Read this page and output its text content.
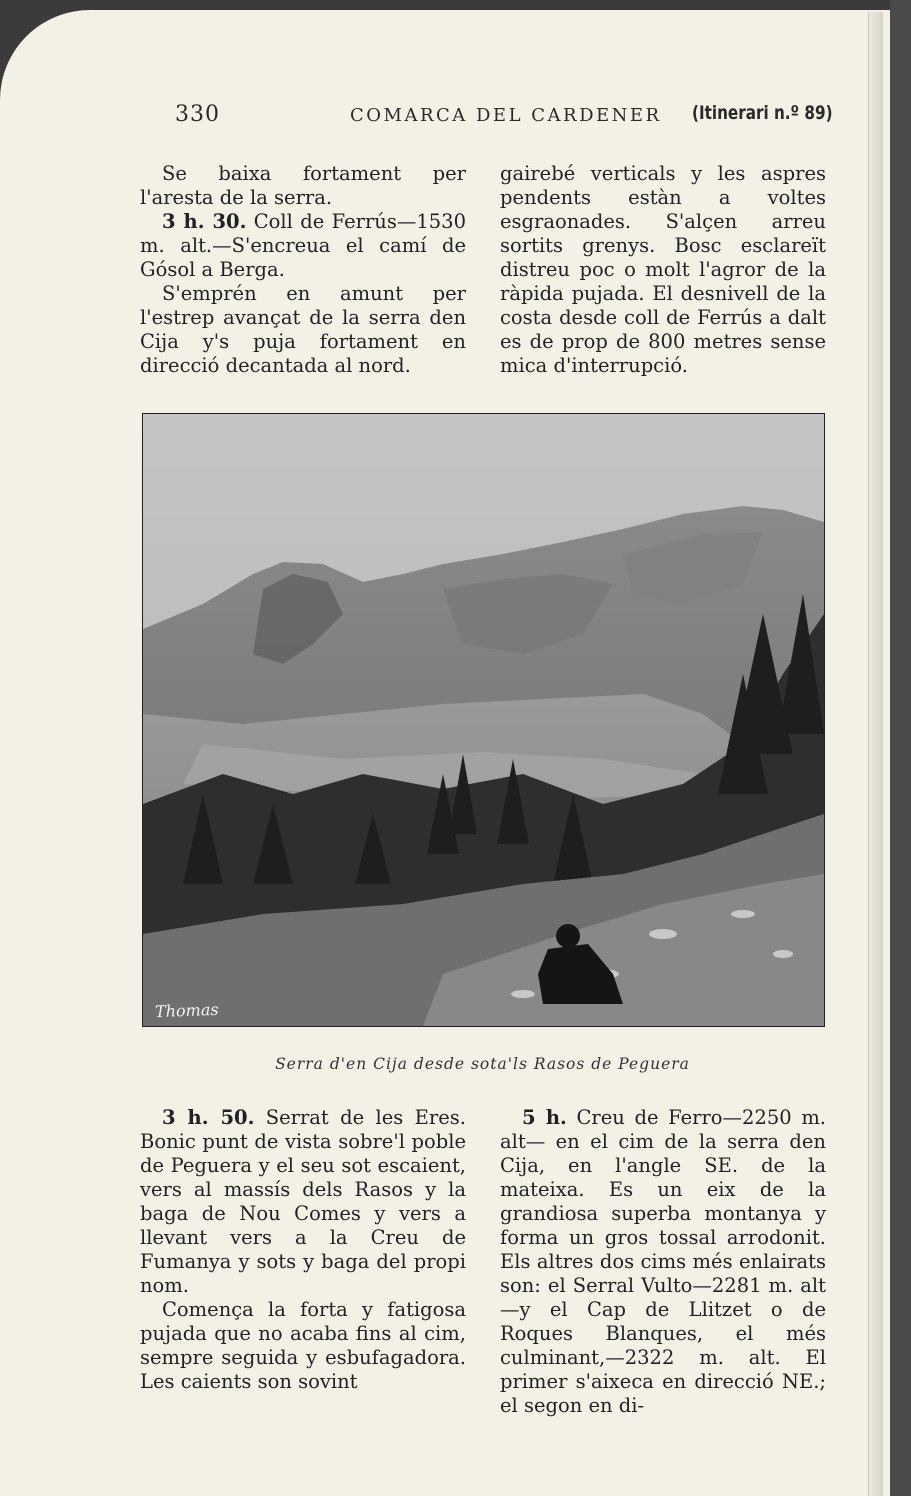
330	COMARCA DEL CARDENER (Itinerari n.º 89)

Se baixa fortament per l'aresta de la serra.

3 h. 30. Coll de Ferrús—1530 m. alt.—S'encreua el camí de Gósol a Berga.

S'emprén en amunt per l'estrep avançat de la serra den Cija y's puja fortament en direcció decantada al nord.

gairebé verticals y les aspres pendents estàn a voltes esgraonades. S'alçen arreu sortits grenys. Bosc esclareït distreu poc o molt l'agror de la ràpida pujada. El desnivell de la costa desde coll de Ferrús a dalt es de prop de 800 metres sense mica d'interrupció.

Thomas
Serra d'en Cija desde sota'ls Rasos de Peguera

3 h. 50. Serrat de les Eres. Bonic punt de vista sobre'l poble de Peguera y el seu sot escaient, vers al massís dels Rasos y la baga de Nou Comes y vers a llevant vers a la Creu de Fumanya y sots y baga del propi nom.

Comença la forta y fatigosa pujada que no acaba fins al cim, sempre seguida y esbufagadora. Les caients son sovint

5 h. Creu de Ferro—2250 m. alt— en el cim de la serra den Cija, en l'angle SE. de la mateixa. Es un eix de la grandiosa superba montanya y forma un gros tossal arrodonit. Els altres dos cims més enlairats son: el Serral Vulto—2281 m. alt—y el Cap de Llitzet o de Roques Blanques, el més culminant,—2322 m. alt. El primer s'aixeca en direcció NE.; el segon en di-
